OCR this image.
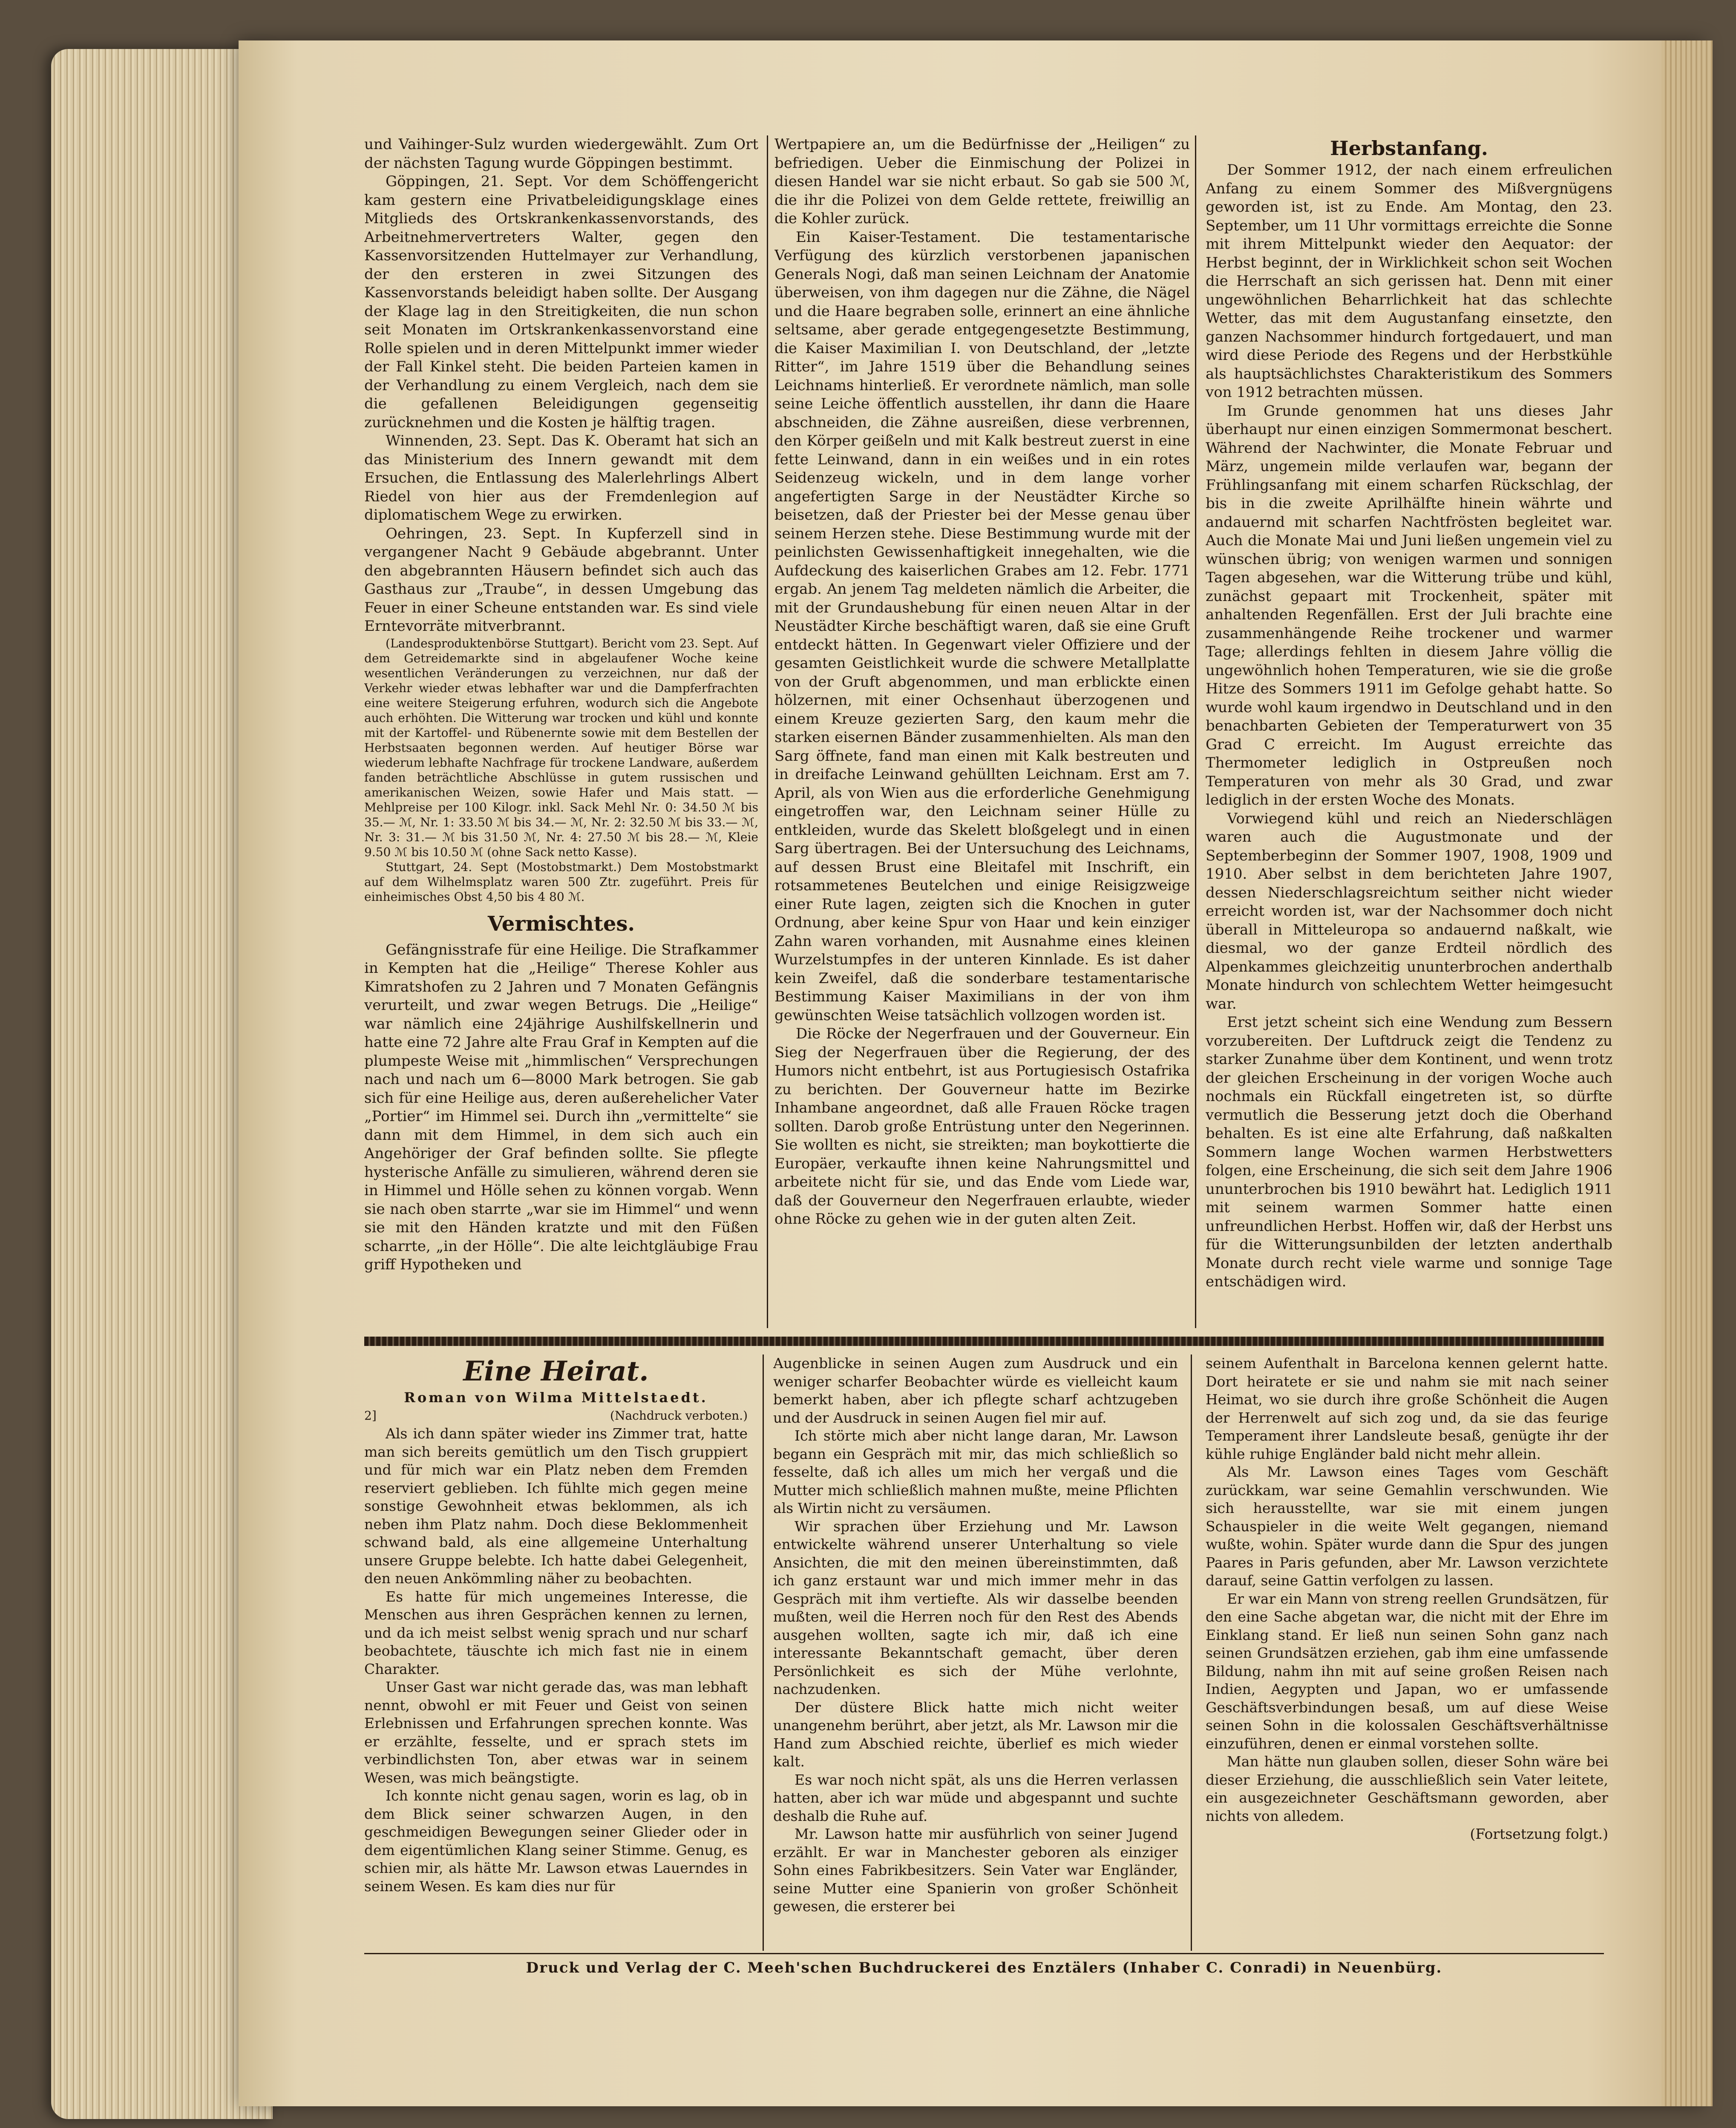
und Vaihinger-Sulz wurden wiedergewählt. Zum Ort der nächsten Tagung wurde Göppingen bestimmt.

Göppingen, 21. Sept. Vor dem Schöffengericht kam gestern eine Privatbeleidigungsklage eines Mitglieds des Ortskrankenkassenvorstands, des Arbeitnehmervertreters Walter, gegen den Kassenvorsitzenden Huttelmayer zur Verhandlung, der den ersteren in zwei Sitzungen des Kassenvorstands beleidigt haben sollte. Der Ausgang der Klage lag in den Streitigkeiten, die nun schon seit Monaten im Ortskrankenkassenvorstand eine Rolle spielen und in deren Mittelpunkt immer wieder der Fall Kinkel steht. Die beiden Parteien kamen in der Verhandlung zu einem Vergleich, nach dem sie die gefallenen Beleidigungen gegenseitig zurücknehmen und die Kosten je hälftig tragen.

Winnenden, 23. Sept. Das K. Oberamt hat sich an das Ministerium des Innern gewandt mit dem Ersuchen, die Entlassung des Malerlehrlings Albert Riedel von hier aus der Fremdenlegion auf diplomatischem Wege zu erwirken.

Oehringen, 23. Sept. In Kupferzell sind in vergangener Nacht 9 Gebäude abgebrannt. Unter den abgebrannten Häusern befindet sich auch das Gasthaus zur „Traube“, in dessen Umgebung das Feuer in einer Scheune entstanden war. Es sind viele Erntevorräte mitverbrannt.

(Landesproduktenbörse Stuttgart). Bericht vom 23. Sept. Auf dem Getreidemarkte sind in abgelaufener Woche keine wesentlichen Veränderungen zu verzeichnen, nur daß der Verkehr wieder etwas lebhafter war und die Dampferfrachten eine weitere Steigerung erfuhren, wodurch sich die Angebote auch erhöhten. Die Witterung war trocken und kühl und konnte mit der Kartoffel- und Rübenernte sowie mit dem Bestellen der Herbstsaaten begonnen werden. Auf heutiger Börse war wiederum lebhafte Nachfrage für trockene Landware, außerdem fanden beträchtliche Abschlüsse in gutem russischen und amerikanischen Weizen, sowie Hafer und Mais statt. — Mehlpreise per 100 Kilogr. inkl. Sack Mehl Nr. 0: 34.50 ℳ bis 35.— ℳ, Nr. 1: 33.50 ℳ bis 34.— ℳ, Nr. 2: 32.50 ℳ bis 33.— ℳ, Nr. 3: 31.— ℳ bis 31.50 ℳ, Nr. 4: 27.50 ℳ bis 28.— ℳ, Kleie 9.50 ℳ bis 10.50 ℳ (ohne Sack netto Kasse).

Stuttgart, 24. Sept (Mostobstmarkt.) Dem Mostobstmarkt auf dem Wilhelmsplatz waren 500 Ztr. zugeführt. Preis für einheimisches Obst 4,50 bis 4 80 ℳ.

Vermischtes.

Gefängnisstrafe für eine Heilige. Die Strafkammer in Kempten hat die „Heilige“ Therese Kohler aus Kimratshofen zu 2 Jahren und 7 Monaten Gefängnis verurteilt, und zwar wegen Betrugs. Die „Heilige“ war nämlich eine 24jährige Aushilfskellnerin und hatte eine 72 Jahre alte Frau Graf in Kempten auf die plumpeste Weise mit „himmlischen“ Versprechungen nach und nach um 6—8000 Mark betrogen. Sie gab sich für eine Heilige aus, deren außerehelicher Vater „Portier“ im Himmel sei. Durch ihn „vermittelte“ sie dann mit dem Himmel, in dem sich auch ein Angehöriger der Graf befinden sollte. Sie pflegte hysterische Anfälle zu simulieren, während deren sie in Himmel und Hölle sehen zu können vorgab. Wenn sie nach oben starrte „war sie im Himmel“ und wenn sie mit den Händen kratzte und mit den Füßen scharrte, „in der Hölle“. Die alte leichtgläubige Frau griff Hypotheken und

Wertpapiere an, um die Bedürfnisse der „Heiligen“ zu befriedigen. Ueber die Einmischung der Polizei in diesen Handel war sie nicht erbaut. So gab sie 500 ℳ, die ihr die Polizei von dem Gelde rettete, freiwillig an die Kohler zurück.

Ein Kaiser-Testament. Die testamentarische Verfügung des kürzlich verstorbenen japanischen Generals Nogi, daß man seinen Leichnam der Anatomie überweisen, von ihm dagegen nur die Zähne, die Nägel und die Haare begraben solle, erinnert an eine ähnliche seltsame, aber gerade entgegengesetzte Bestimmung, die Kaiser Maximilian I. von Deutschland, der „letzte Ritter“, im Jahre 1519 über die Behandlung seines Leichnams hinterließ. Er verordnete nämlich, man solle seine Leiche öffentlich ausstellen, ihr dann die Haare abschneiden, die Zähne ausreißen, diese verbrennen, den Körper geißeln und mit Kalk bestreut zuerst in eine fette Leinwand, dann in ein weißes und in ein rotes Seidenzeug wickeln, und in dem lange vorher angefertigten Sarge in der Neustädter Kirche so beisetzen, daß der Priester bei der Messe genau über seinem Herzen stehe. Diese Bestimmung wurde mit der peinlichsten Gewissenhaftigkeit innegehalten, wie die Aufdeckung des kaiserlichen Grabes am 12. Febr. 1771 ergab. An jenem Tag meldeten nämlich die Arbeiter, die mit der Grundaushebung für einen neuen Altar in der Neustädter Kirche beschäftigt waren, daß sie eine Gruft entdeckt hätten. In Gegenwart vieler Offiziere und der gesamten Geistlichkeit wurde die schwere Metallplatte von der Gruft abgenommen, und man erblickte einen hölzernen, mit einer Ochsenhaut überzogenen und einem Kreuze gezierten Sarg, den kaum mehr die starken eisernen Bänder zusammenhielten. Als man den Sarg öffnete, fand man einen mit Kalk bestreuten und in dreifache Leinwand gehüllten Leichnam. Erst am 7. April, als von Wien aus die erforderliche Genehmigung eingetroffen war, den Leichnam seiner Hülle zu entkleiden, wurde das Skelett bloßgelegt und in einen Sarg übertragen. Bei der Untersuchung des Leichnams, auf dessen Brust eine Bleitafel mit Inschrift, ein rotsammetenes Beutelchen und einige Reisigzweige einer Rute lagen, zeigten sich die Knochen in guter Ordnung, aber keine Spur von Haar und kein einziger Zahn waren vorhanden, mit Ausnahme eines kleinen Wurzelstumpfes in der unteren Kinnlade. Es ist daher kein Zweifel, daß die sonderbare testamentarische Bestimmung Kaiser Maximilians in der von ihm gewünschten Weise tatsächlich vollzogen worden ist.

Die Röcke der Negerfrauen und der Gouverneur. Ein Sieg der Negerfrauen über die Regierung, der des Humors nicht entbehrt, ist aus Portugiesisch Ostafrika zu berichten. Der Gouverneur hatte im Bezirke Inhambane angeordnet, daß alle Frauen Röcke tragen sollten. Darob große Entrüstung unter den Negerinnen. Sie wollten es nicht, sie streikten; man boykottierte die Europäer, verkaufte ihnen keine Nahrungsmittel und arbeitete nicht für sie, und das Ende vom Liede war, daß der Gouverneur den Negerfrauen erlaubte, wieder ohne Röcke zu gehen wie in der guten alten Zeit.

Herbstanfang.

Der Sommer 1912, der nach einem erfreulichen Anfang zu einem Sommer des Mißvergnügens geworden ist, ist zu Ende. Am Montag, den 23. September, um 11 Uhr vormittags erreichte die Sonne mit ihrem Mittelpunkt wieder den Aequator: der Herbst beginnt, der in Wirklichkeit schon seit Wochen die Herrschaft an sich gerissen hat. Denn mit einer ungewöhnlichen Beharrlichkeit hat das schlechte Wetter, das mit dem Augustanfang einsetzte, den ganzen Nachsommer hindurch fortgedauert, und man wird diese Periode des Regens und der Herbstkühle als hauptsächlichstes Charakteristikum des Sommers von 1912 betrachten müssen.

Im Grunde genommen hat uns dieses Jahr überhaupt nur einen einzigen Sommermonat beschert. Während der Nachwinter, die Monate Februar und März, ungemein milde verlaufen war, begann der Frühlingsanfang mit einem scharfen Rückschlag, der bis in die zweite Aprilhälfte hinein währte und andauernd mit scharfen Nachtfrösten begleitet war. Auch die Monate Mai und Juni ließen ungemein viel zu wünschen übrig; von wenigen warmen und sonnigen Tagen abgesehen, war die Witterung trübe und kühl, zunächst gepaart mit Trockenheit, später mit anhaltenden Regenfällen. Erst der Juli brachte eine zusammenhängende Reihe trockener und warmer Tage; allerdings fehlten in diesem Jahre völlig die ungewöhnlich hohen Temperaturen, wie sie die große Hitze des Sommers 1911 im Gefolge gehabt hatte. So wurde wohl kaum irgendwo in Deutschland und in den benachbarten Gebieten der Temperaturwert von 35 Grad C erreicht. Im August erreichte das Thermometer lediglich in Ostpreußen noch Temperaturen von mehr als 30 Grad, und zwar lediglich in der ersten Woche des Monats.

Vorwiegend kühl und reich an Niederschlägen waren auch die Augustmonate und der Septemberbeginn der Sommer 1907, 1908, 1909 und 1910. Aber selbst in dem berichteten Jahre 1907, dessen Niederschlagsreichtum seither nicht wieder erreicht worden ist, war der Nachsommer doch nicht überall in Mitteleuropa so andauernd naßkalt, wie diesmal, wo der ganze Erdteil nördlich des Alpenkammes gleichzeitig ununterbrochen anderthalb Monate hindurch von schlechtem Wetter heimgesucht war.

Erst jetzt scheint sich eine Wendung zum Bessern vorzubereiten. Der Luftdruck zeigt die Tendenz zu starker Zunahme über dem Kontinent, und wenn trotz der gleichen Erscheinung in der vorigen Woche auch nochmals ein Rückfall eingetreten ist, so dürfte vermutlich die Besserung jetzt doch die Oberhand behalten. Es ist eine alte Erfahrung, daß naßkalten Sommern lange Wochen warmen Herbstwetters folgen, eine Erscheinung, die sich seit dem Jahre 1906 ununterbrochen bis 1910 bewährt hat. Lediglich 1911 mit seinem warmen Sommer hatte einen unfreundlichen Herbst. Hoffen wir, daß der Herbst uns für die Witterungsunbilden der letzten anderthalb Monate durch recht viele warme und sonnige Tage entschädigen wird.

Eine Heirat.
Roman von Wilma Mittelstaedt.
2]	(Nachdruck verboten.)

Als ich dann später wieder ins Zimmer trat, hatte man sich bereits gemütlich um den Tisch gruppiert und für mich war ein Platz neben dem Fremden reserviert geblieben. Ich fühlte mich gegen meine sonstige Gewohnheit etwas beklommen, als ich neben ihm Platz nahm. Doch diese Beklommenheit schwand bald, als eine allgemeine Unterhaltung unsere Gruppe belebte. Ich hatte dabei Gelegenheit, den neuen Ankömmling näher zu beobachten.

Es hatte für mich ungemeines Interesse, die Menschen aus ihren Gesprächen kennen zu lernen, und da ich meist selbst wenig sprach und nur scharf beobachtete, täuschte ich mich fast nie in einem Charakter.

Unser Gast war nicht gerade das, was man lebhaft nennt, obwohl er mit Feuer und Geist von seinen Erlebnissen und Erfahrungen sprechen konnte. Was er erzählte, fesselte, und er sprach stets im verbindlichsten Ton, aber etwas war in seinem Wesen, was mich beängstigte.

Ich konnte nicht genau sagen, worin es lag, ob in dem Blick seiner schwarzen Augen, in den geschmeidigen Bewegungen seiner Glieder oder in dem eigentümlichen Klang seiner Stimme. Genug, es schien mir, als hätte Mr. Lawson etwas Lauerndes in seinem Wesen. Es kam dies nur für

Augenblicke in seinen Augen zum Ausdruck und ein weniger scharfer Beobachter würde es vielleicht kaum bemerkt haben, aber ich pflegte scharf achtzugeben und der Ausdruck in seinen Augen fiel mir auf.

Ich störte mich aber nicht lange daran, Mr. Lawson begann ein Gespräch mit mir, das mich schließlich so fesselte, daß ich alles um mich her vergaß und die Mutter mich schließlich mahnen mußte, meine Pflichten als Wirtin nicht zu versäumen.

Wir sprachen über Erziehung und Mr. Lawson entwickelte während unserer Unterhaltung so viele Ansichten, die mit den meinen übereinstimmten, daß ich ganz erstaunt war und mich immer mehr in das Gespräch mit ihm vertiefte. Als wir dasselbe beenden mußten, weil die Herren noch für den Rest des Abends ausgehen wollten, sagte ich mir, daß ich eine interessante Bekanntschaft gemacht, über deren Persönlichkeit es sich der Mühe verlohnte, nachzudenken.

Der düstere Blick hatte mich nicht weiter unangenehm berührt, aber jetzt, als Mr. Lawson mir die Hand zum Abschied reichte, überlief es mich wieder kalt.

Es war noch nicht spät, als uns die Herren verlassen hatten, aber ich war müde und abgespannt und suchte deshalb die Ruhe auf.

Mr. Lawson hatte mir ausführlich von seiner Jugend erzählt. Er war in Manchester geboren als einziger Sohn eines Fabrikbesitzers. Sein Vater war Engländer, seine Mutter eine Spanierin von großer Schönheit gewesen, die ersterer bei

seinem Aufenthalt in Barcelona kennen gelernt hatte. Dort heiratete er sie und nahm sie mit nach seiner Heimat, wo sie durch ihre große Schönheit die Augen der Herrenwelt auf sich zog und, da sie das feurige Temperament ihrer Landsleute besaß, genügte ihr der kühle ruhige Engländer bald nicht mehr allein.

Als Mr. Lawson eines Tages vom Geschäft zurückkam, war seine Gemahlin verschwunden. Wie sich herausstellte, war sie mit einem jungen Schauspieler in die weite Welt gegangen, niemand wußte, wohin. Später wurde dann die Spur des jungen Paares in Paris gefunden, aber Mr. Lawson verzichtete darauf, seine Gattin verfolgen zu lassen.

Er war ein Mann von streng reellen Grundsätzen, für den eine Sache abgetan war, die nicht mit der Ehre im Einklang stand. Er ließ nun seinen Sohn ganz nach seinen Grundsätzen erziehen, gab ihm eine umfassende Bildung, nahm ihn mit auf seine großen Reisen nach Indien, Aegypten und Japan, wo er umfassende Geschäftsverbindungen besaß, um auf diese Weise seinen Sohn in die kolossalen Geschäftsverhältnisse einzuführen, denen er einmal vorstehen sollte.

Man hätte nun glauben sollen, dieser Sohn wäre bei dieser Erziehung, die ausschließlich sein Vater leitete, ein ausgezeichneter Geschäftsmann geworden, aber nichts von alledem.

(Fortsetzung folgt.)
Druck und Verlag der C. Meeh'schen Buchdruckerei des Enztälers (Inhaber C. Conradi) in Neuenbürg.
